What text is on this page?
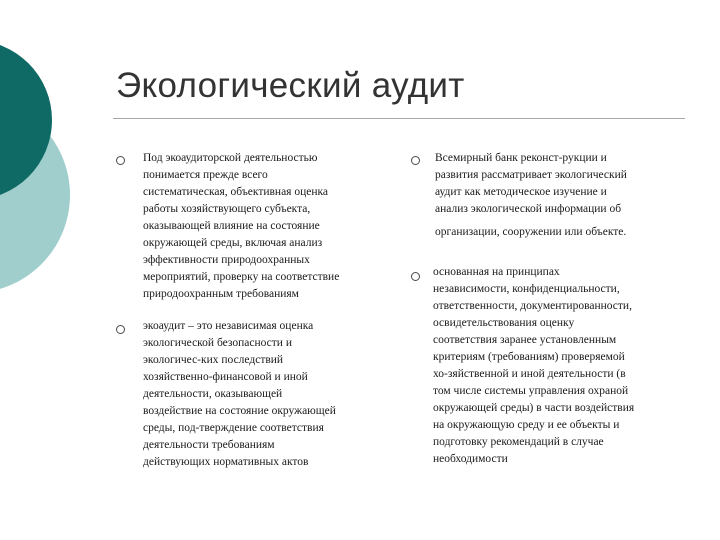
Экологический аудит
Под экоаудиторской деятельностью
понимается прежде всего
систематическая, объективная оценка
работы хозяйствующего субъекта,
оказывающей влияние на состояние
окружающей среды, включая анализ
эффективности природоохранных
мероприятий, проверку на соответствие
природоохранным требованиям
экоаудит – это независимая оценка
экологической безопасности и
экологичес-ких последствий
хозяйственно-финансовой и иной
деятельности, оказывающей
воздействие на состояние окружающей
среды, под-тверждение соответствия
деятельности требованиям
действующих нормативных актов
Всемирный банк реконст-рукции и
развития рассматривает экологический
аудит как методическое изучение и
анализ экологической информации об
организации, сооружении или объекте.
основанная на принципах
независимости, конфиденциальности,
ответственности, документированности,
освидетельствования оценку
соответствия заранее установленным
критериям (требованиям) проверяемой
хо-зяйственной и иной деятельности (в
том числе системы управления охраной
окружающей среды) в части воздействия
на окружающую среду и ее объекты и
подготовку рекомендаций в случае
необходимости
